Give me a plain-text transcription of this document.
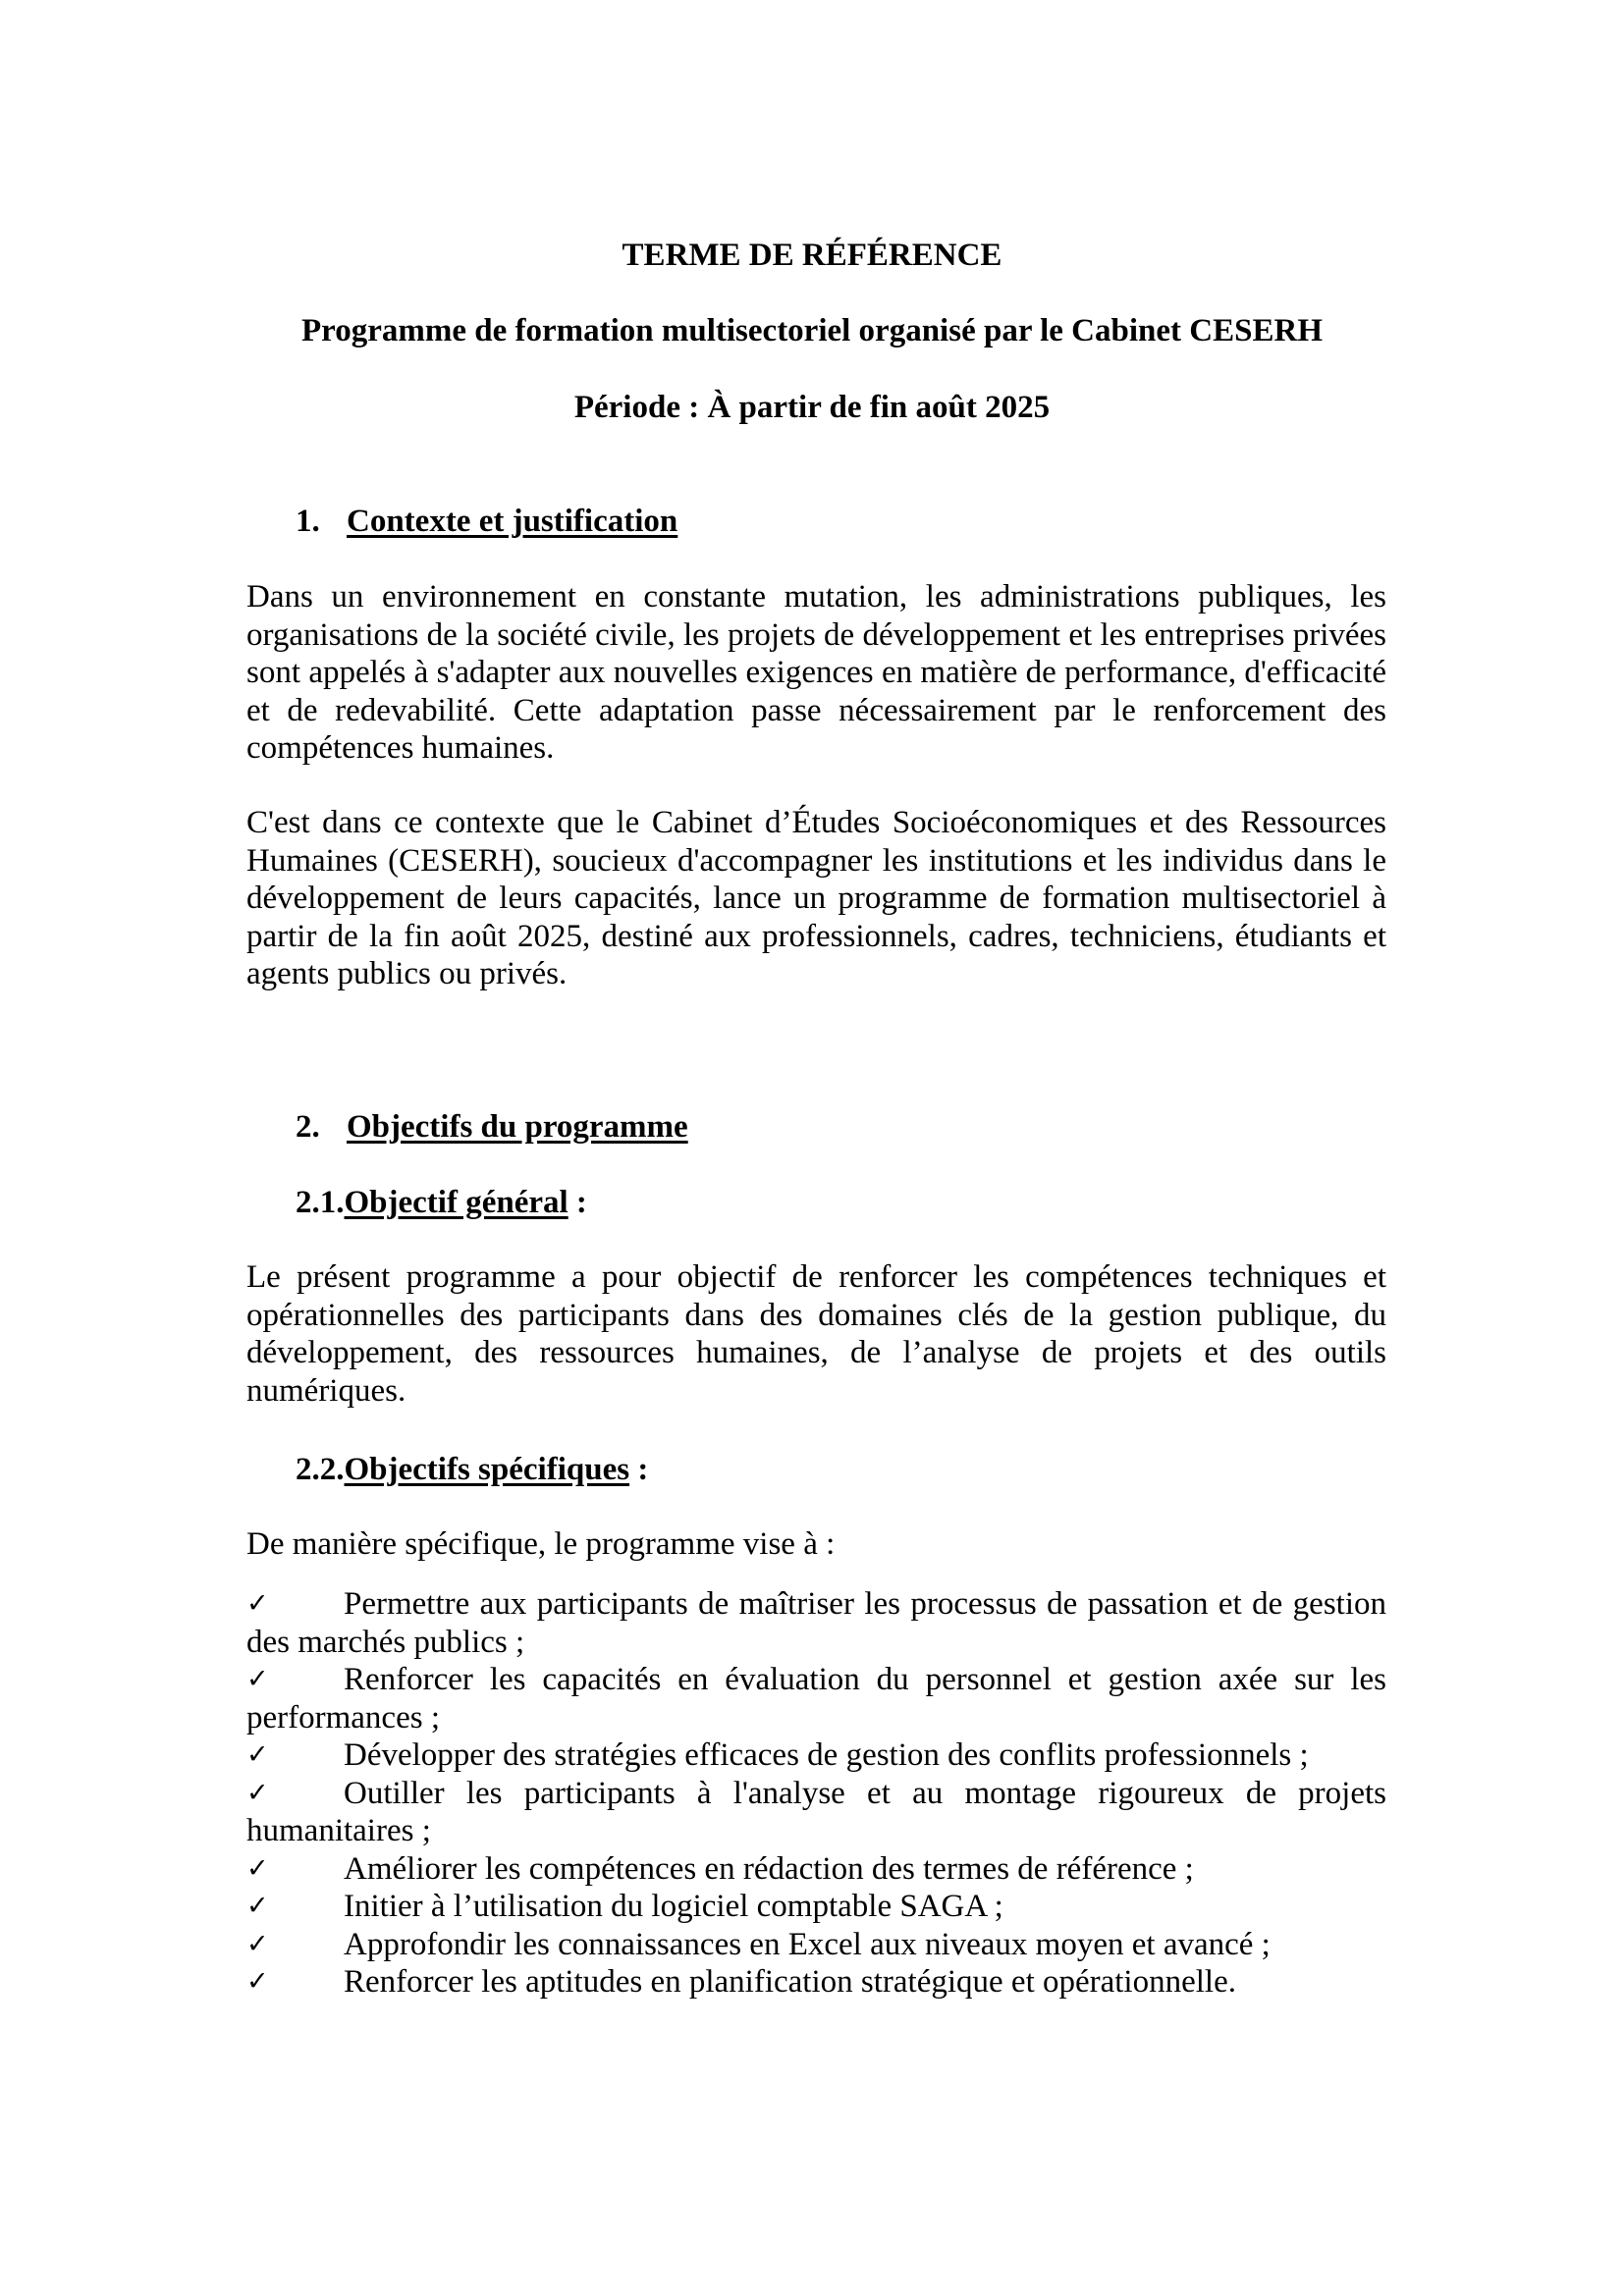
TERME DE RÉFÉRENCE
Programme de formation multisectoriel organisé par le Cabinet CESERH
Période : À partir de fin août 2025
1. Contexte et justification
Dans un environnement en constante mutation, les administrations publiques, les organisations de la société civile, les projets de développement et les entreprises privées sont appelés à s'adapter aux nouvelles exigences en matière de performance, d'efficacité et de redevabilité. Cette adaptation passe nécessairement par le renforcement des compétences humaines.
C'est dans ce contexte que le Cabinet d’Études Socioéconomiques et des Ressources Humaines (CESERH), soucieux d'accompagner les institutions et les individus dans le développement de leurs capacités, lance un programme de formation multisectoriel à partir de la fin août 2025, destiné aux professionnels, cadres, techniciens, étudiants et agents publics ou privés.
2. Objectifs du programme
2.1.Objectif général :
Le présent programme a pour objectif de renforcer les compétences techniques et opérationnelles des participants dans des domaines clés de la gestion publique, du développement, des ressources humaines, de l’analyse de projets et des outils numériques.
2.2.Objectifs spécifiques :
De manière spécifique, le programme vise à :
✓ Permettre aux participants de maîtriser les processus de passation et de gestion des marchés publics ;
✓ Renforcer les capacités en évaluation du personnel et gestion axée sur les performances ;
✓ Développer des stratégies efficaces de gestion des conflits professionnels ;
✓ Outiller les participants à l'analyse et au montage rigoureux de projets humanitaires ;
✓ Améliorer les compétences en rédaction des termes de référence ;
✓ Initier à l’utilisation du logiciel comptable SAGA ;
✓ Approfondir les connaissances en Excel aux niveaux moyen et avancé ;
✓ Renforcer les aptitudes en planification stratégique et opérationnelle.
